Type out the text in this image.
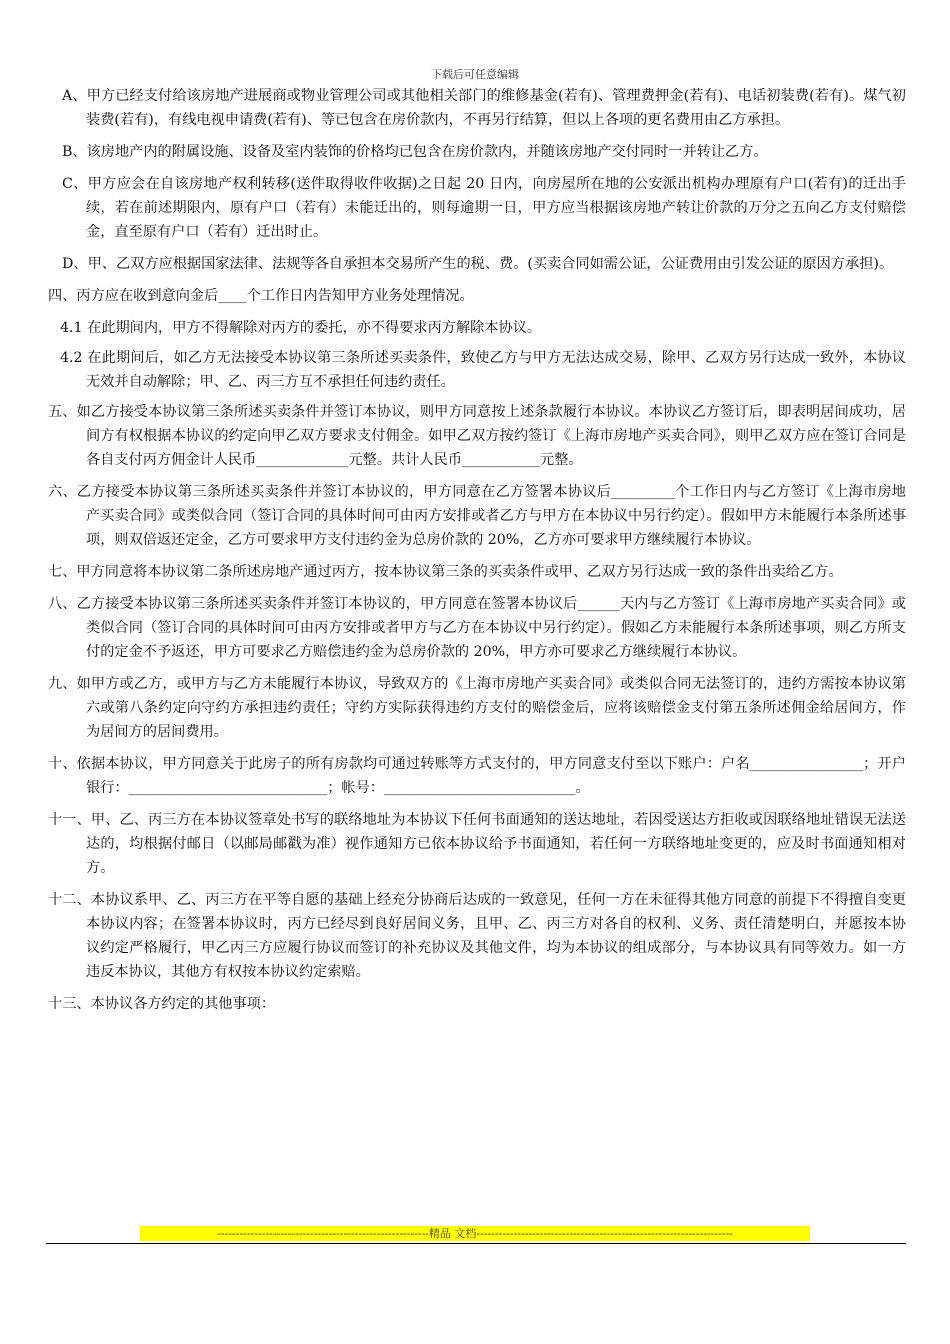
下载后可任意编辑

A、甲方已经支付给该房地产进展商或物业管理公司或其他相关部门的维修基金(若有)、管理费押金(若有)、电话初装费(若有)。煤气初装费(若有)，有线电视申请费(若有)、等已包含在房价款内，不再另行结算，但以上各项的更名费用由乙方承担。

B、该房地产内的附属设施、设备及室内装饰的价格均已包含在房价款内，并随该房地产交付同时一并转让乙方。

C、甲方应会在自该房地产权利转移(送件取得收件收据)之日起 20 日内，向房屋所在地的公安派出机构办理原有户口(若有)的迁出手续，若在前述期限内，原有户口（若有）未能迁出的，则每逾期一日，甲方应当根据该房地产转让价款的万分之五向乙方支付赔偿金，直至原有户口（若有）迁出时止。

D、甲、乙双方应根据国家法律、法规等各自承担本交易所产生的税、费。(买卖合同如需公证，公证费用由引发公证的原因方承担)。

四、丙方应在收到意向金后____个工作日内告知甲方业务处理情况。

4.1 在此期间内，甲方不得解除对丙方的委托，亦不得要求丙方解除本协议。

4.2 在此期间后，如乙方无法接受本协议第三条所述买卖条件，致使乙方与甲方无法达成交易，除甲、乙双方另行达成一致外，本协议无效并自动解除；甲、乙、丙三方互不承担任何违约责任。

五、如乙方接受本协议第三条所述买卖条件并签订本协议，则甲方同意按上述条款履行本协议。本协议乙方签订后，即表明居间成功，居间方有权根据本协议的约定向甲乙双方要求支付佣金。如甲乙双方按约签订《上海市房地产买卖合同》，则甲乙双方应在签订合同是各自支付丙方佣金计人民币_____________元整。共计人民币___________元整。

六、乙方接受本协议第三条所述买卖条件并签订本协议的，甲方同意在乙方签署本协议后_________个工作日内与乙方签订《上海市房地产买卖合同》或类似合同（签订合同的具体时间可由丙方安排或者乙方与甲方在本协议中另行约定）。假如甲方未能履行本条所述事项，则双倍返还定金，乙方可要求甲方支付违约金为总房价款的 20%，乙方亦可要求甲方继续履行本协议。

七、甲方同意将本协议第二条所述房地产通过丙方，按本协议第三条的买卖条件或甲、乙双方另行达成一致的条件出卖给乙方。

八、乙方接受本协议第三条所述买卖条件并签订本协议的，甲方同意在签署本协议后______天内与乙方签订《上海市房地产买卖合同》或类似合同（签订合同的具体时间可由丙方安排或者甲方与乙方在本协议中另行约定）。假如乙方未能履行本条所述事项，则乙方所支付的定金不予返还，甲方可要求乙方赔偿违约金为总房价款的 20%，甲方亦可要求乙方继续履行本协议。

九、如甲方或乙方，或甲方与乙方未能履行本协议，导致双方的《上海市房地产买卖合同》或类似合同无法签订的，违约方需按本协议第六或第八条约定向守约方承担违约责任；守约方实际获得违约方支付的赔偿金后，应将该赔偿金支付第五条所述佣金给居间方，作为居间方的居间费用。

十、依据本协议，甲方同意关于此房子的所有房款均可通过转账等方式支付的，甲方同意支付至以下账户：户名________________；开户银行：____________________________；帐号：___________________________。

十一、甲、乙、丙三方在本协议签章处书写的联络地址为本协议下任何书面通知的送达地址，若因受送达方拒收或因联络地址错误无法送达的，均根据付邮日（以邮局邮戳为准）视作通知方已依本协议给予书面通知，若任何一方联络地址变更的，应及时书面通知相对方。

十二、本协议系甲、乙、丙三方在平等自愿的基础上经充分协商后达成的一致意见，任何一方在未征得其他方同意的前提下不得擅自变更本协议内容；在签署本协议时，丙方已经尽到良好居间义务，且甲、乙、丙三方对各自的权利、义务、责任清楚明白，并愿按本协议约定严格履行，甲乙丙三方应履行协议而签订的补充协议及其他文件，均为本协议的组成部分，与本协议具有同等效力。如一方违反本协议，其他方有权按本协议约定索赔。

十三、本协议各方约定的其他事项：

---------------------------------------------------------精品 文档---------------------------------------------------------------------
